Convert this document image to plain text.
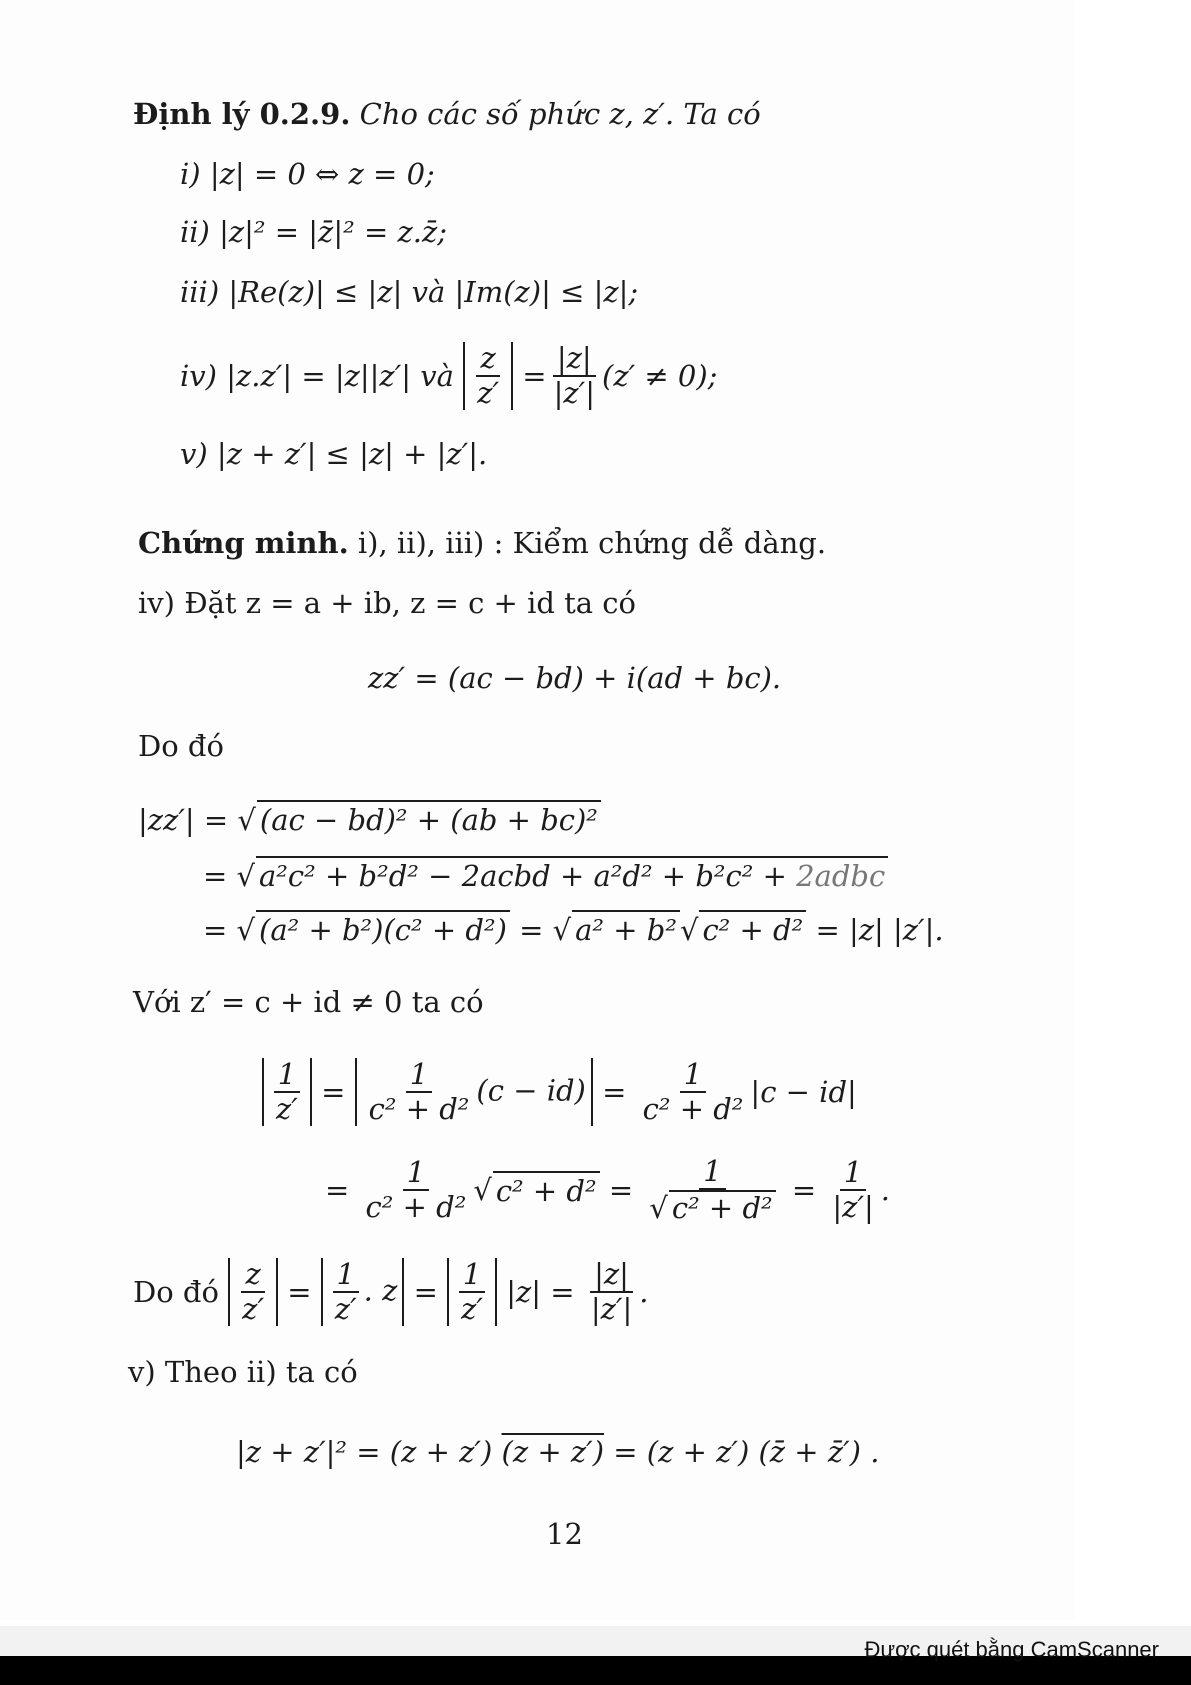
Được quét bằng CamScanner
Định lý 0.2.9. Cho các số phức z, z′. Ta có
i) |z| = 0 ⇔ z = 0;
ii) |z|² = |z̄|² = z.z̄;
iii) |Re(z)| ≤ |z| và |Im(z)| ≤ |z|;
iv)
|z.z′| = |z||z′| và
$\frac{z}{z'}$
= $\frac{|z|}{|z'|} (z' \ne 0)$;
v) |z + z′| ≤ |z| + |z′|.
Chứng minh. i), ii), iii) : Kiểm chứng dễ dàng.
iv) Đặt z = a + ib, z = c + id ta có
zz′ = (ac − bd) + i(ad + bc).
Do đó
|zz′| = √ (ac − bd)² + (ab + bc)²
= √ a²c² + b²d² − 2acbd + a²d² + b²c² + 2adbc
= √ (a² + b²)(c² + d²) = √ a² + b² √ c² + d² = |z| |z′|.
Với z′ = c + id ≠ 0 ta có
$\frac{1}{z'} = \frac{1}{\text{c² + d²}} (c - id)$ =
1
c² + d² |c − id|
=
1
c² + d² √ c² + d² =
1
√ c² + d²
=
1
|z′| .
Do đó
$\frac{z}{z'} = \frac{1}{z'}$ . $z = \frac{1}{z'}$
|z| =
|z|
|z′| .
v) Theo ii) ta có
|z + z′|² = (z + z′) (z + z′) = (z + z′) (z̄ + z̄′) .
12
